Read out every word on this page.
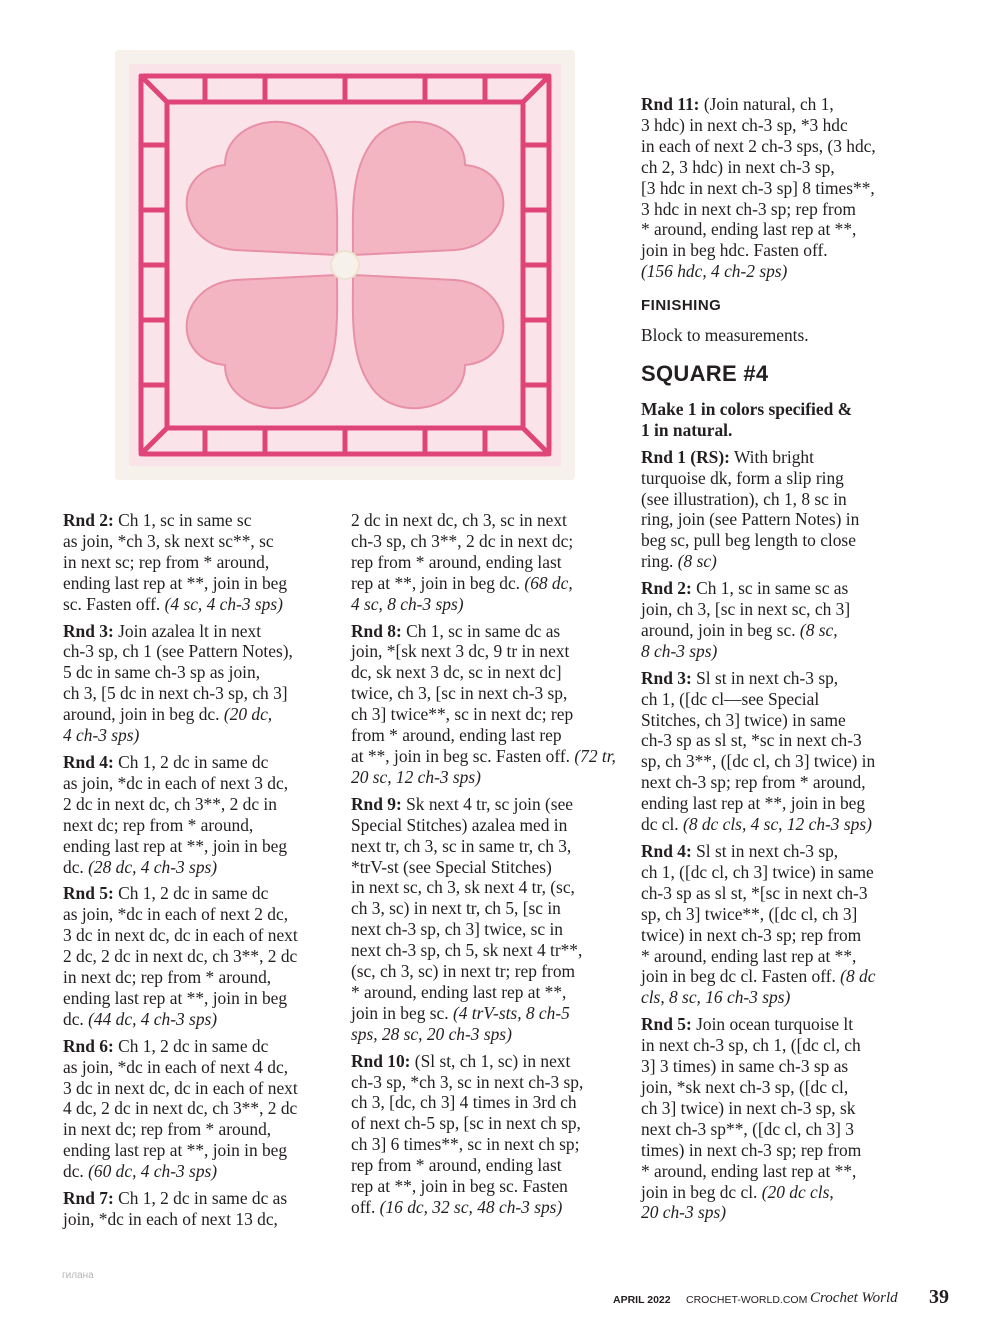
Rnd 2: Ch 1, sc in same sc
as join, *ch 3, sk next sc**, sc
in next sc; rep from * around,
ending last rep at **, join in beg
sc. Fasten off. (4 sc, 4 ch-3 sps)
Rnd 3: Join azalea lt in next
ch-3 sp, ch 1 (see Pattern Notes),
5 dc in same ch-3 sp as join,
ch 3, [5 dc in next ch-3 sp, ch 3]
around, join in beg dc. (20 dc,
4 ch-3 sps)
Rnd 4: Ch 1, 2 dc in same dc
as join, *dc in each of next 3 dc,
2 dc in next dc, ch 3**, 2 dc in
next dc; rep from * around,
ending last rep at **, join in beg
dc. (28 dc, 4 ch-3 sps)
Rnd 5: Ch 1, 2 dc in same dc
as join, *dc in each of next 2 dc,
3 dc in next dc, dc in each of next
2 dc, 2 dc in next dc, ch 3**, 2 dc
in next dc; rep from * around,
ending last rep at **, join in beg
dc. (44 dc, 4 ch-3 sps)
Rnd 6: Ch 1, 2 dc in same dc
as join, *dc in each of next 4 dc,
3 dc in next dc, dc in each of next
4 dc, 2 dc in next dc, ch 3**, 2 dc
in next dc; rep from * around,
ending last rep at **, join in beg
dc. (60 dc, 4 ch-3 sps)
Rnd 7: Ch 1, 2 dc in same dc as
join, *dc in each of next 13 dc,
2 dc in next dc, ch 3, sc in next
ch-3 sp, ch 3**, 2 dc in next dc;
rep from * around, ending last
rep at **, join in beg dc. (68 dc,
4 sc, 8 ch-3 sps)
Rnd 8: Ch 1, sc in same dc as
join, *[sk next 3 dc, 9 tr in next
dc, sk next 3 dc, sc in next dc]
twice, ch 3, [sc in next ch-3 sp,
ch 3] twice**, sc in next dc; rep
from * around, ending last rep
at **, join in beg sc. Fasten off. (72 tr, 20 sc, 12 ch-3 sps)
Rnd 9: Sk next 4 tr, sc join (see
Special Stitches) azalea med in
next tr, ch 3, sc in same tr, ch 3,
*trV-st (see Special Stitches)
in next sc, ch 3, sk next 4 tr, (sc,
ch 3, sc) in next tr, ch 5, [sc in
next ch-3 sp, ch 3] twice, sc in
next ch-3 sp, ch 5, sk next 4 tr**,
(sc, ch 3, sc) in next tr; rep from
* around, ending last rep at **,
join in beg sc. (4 trV-sts, 8 ch-5
sps, 28 sc, 20 ch-3 sps)
Rnd 10: (Sl st, ch 1, sc) in next
ch-3 sp, *ch 3, sc in next ch-3 sp,
ch 3, [dc, ch 3] 4 times in 3rd ch
of next ch-5 sp, [sc in next ch sp,
ch 3] 6 times**, sc in next ch sp;
rep from * around, ending last
rep at **, join in beg sc. Fasten
off. (16 dc, 32 sc, 48 ch-3 sps)
Rnd 11: (Join natural, ch 1,
3 hdc) in next ch-3 sp, *3 hdc
in each of next 2 ch-3 sps, (3 hdc,
ch 2, 3 hdc) in next ch-3 sp,
[3 hdc in next ch-3 sp] 8 times**,
3 hdc in next ch-3 sp; rep from
* around, ending last rep at **,
join in beg hdc. Fasten off.
(156 hdc, 4 ch-2 sps)
FINISHING
Block to measurements.
SQUARE #4
Make 1 in colors specified &
1 in natural.
Rnd 1 (RS): With bright
turquoise dk, form a slip ring
(see illustration), ch 1, 8 sc in
ring, join (see Pattern Notes) in
beg sc, pull beg length to close
ring. (8 sc)
Rnd 2: Ch 1, sc in same sc as
join, ch 3, [sc in next sc, ch 3]
around, join in beg sc. (8 sc,
8 ch-3 sps)
Rnd 3: Sl st in next ch-3 sp,
ch 1, ([dc cl—see Special
Stitches, ch 3] twice) in same
ch-3 sp as sl st, *sc in next ch-3
sp, ch 3**, ([dc cl, ch 3] twice) in
next ch-3 sp; rep from * around,
ending last rep at **, join in beg
dc cl. (8 dc cls, 4 sc, 12 ch-3 sps)
Rnd 4: Sl st in next ch-3 sp,
ch 1, ([dc cl, ch 3] twice) in same
ch-3 sp as sl st, *[sc in next ch-3
sp, ch 3] twice**, ([dc cl, ch 3]
twice) in next ch-3 sp; rep from
* around, ending last rep at **,
join in beg dc cl. Fasten off. (8 dc
cls, 8 sc, 16 ch-3 sps)
Rnd 5: Join ocean turquoise lt
in next ch-3 sp, ch 1, ([dc cl, ch
3] 3 times) in same ch-3 sp as
join, *sk next ch-3 sp, ([dc cl,
ch 3] twice) in next ch-3 sp, sk
next ch-3 sp**, ([dc cl, ch 3] 3
times) in next ch-3 sp; rep from
* around, ending last rep at **,
join in beg dc cl. (20 dc cls,
20 ch-3 sps)
гилана
APRIL 2022 CROCHET-WORLD.COM Crochet World 39
